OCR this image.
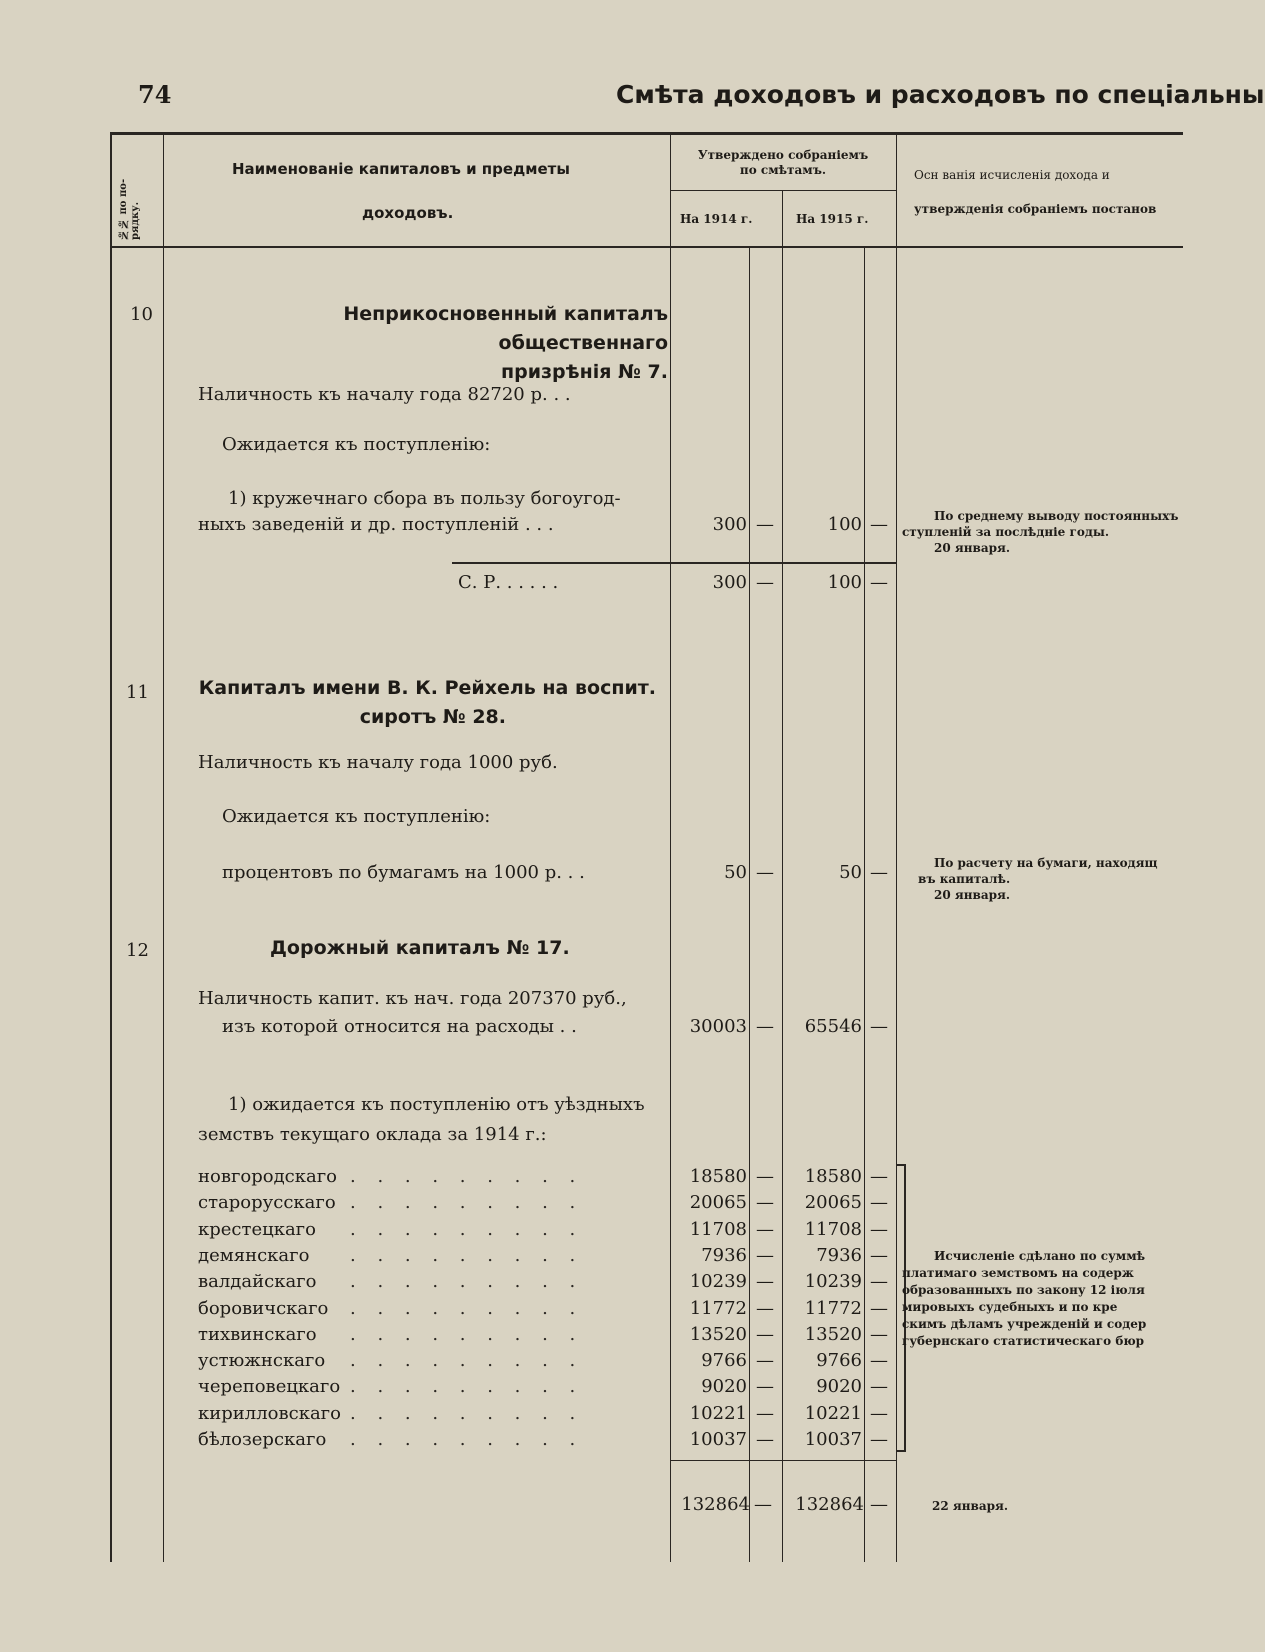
74	Смѣта доходовъ и расходовъ по спеціальны
№№ по по-
рядку.
Наименованіе капиталовъ и предметы
доходовъ.
Утверждено собраніемъ
по смѣтамъ.
На 1914 г.	На 1915 г.
Осн ванія исчисленія дохода и
утвержденія собраніемъ постанов
10	Неприкосновенный капиталъ общественнаго
призрѣнія № 7.
Наличность къ началу года 82720 р. . .
Ожидается къ поступленію:
1) кружечнаго сбора въ пользу богоугод-
ныхъ заведеній и др. поступленій . . .	300 —	100 —
С. Р. . . . . .	300 —	100 —
По среднему выводу постоянныхъ
ступленій за послѣдніе годы.
20 января.
11	Капиталъ имени В. К. Рейхель на воспит.
сиротъ № 28.
Наличность къ началу года 1000 руб.
Ожидается къ поступленію:
процентовъ по бумагамъ на 1000 р. . .	50 —	50 —	По расчету на бумаги, находящ
въ капиталѣ.
20 января.
12	Дорожный капиталъ № 17.
Наличность капит. къ нач. года 207370 руб.,
изъ которой относится на расходы . .	30003 —	65546 —
1) ожидается къ поступленію отъ уѣздныхъ
земствъ текущаго оклада за 1914 г.:
новгородскаго . . . . . . . . .	18580 —	18580 —
старорусскаго . . . . . . . . .	20065 —	20065 —
крестецкаго . . . . . . . . .	11708 —	11708 —
демянскаго . . . . . . . . .	7936 —	7936 —
валдайскаго . . . . . . . . .	10239 —	10239 —
боровичскаго . . . . . . . . .	11772 —	11772 —
тихвинскаго . . . . . . . . .	13520 —	13520 —
устюжнскаго . . . . . . . . .	9766 —	9766 —
череповецкаго . . . . . . . . .	9020 —	9020 —
кирилловскаго . . . . . . . . .	10221 —	10221 —
бѣлозерскаго . . . . . . . . .	10037 —	10037 —
Исчисленіе сдѣлано по суммѣ
платимаго земствомъ на содерж
образованныхъ по закону 12 іюля
мировыхъ судебныхъ и по кре
скимъ дѣламъ учрежденій и содер
губернскаго статистическаго бюр
132864 —	132864 —	22 января.
